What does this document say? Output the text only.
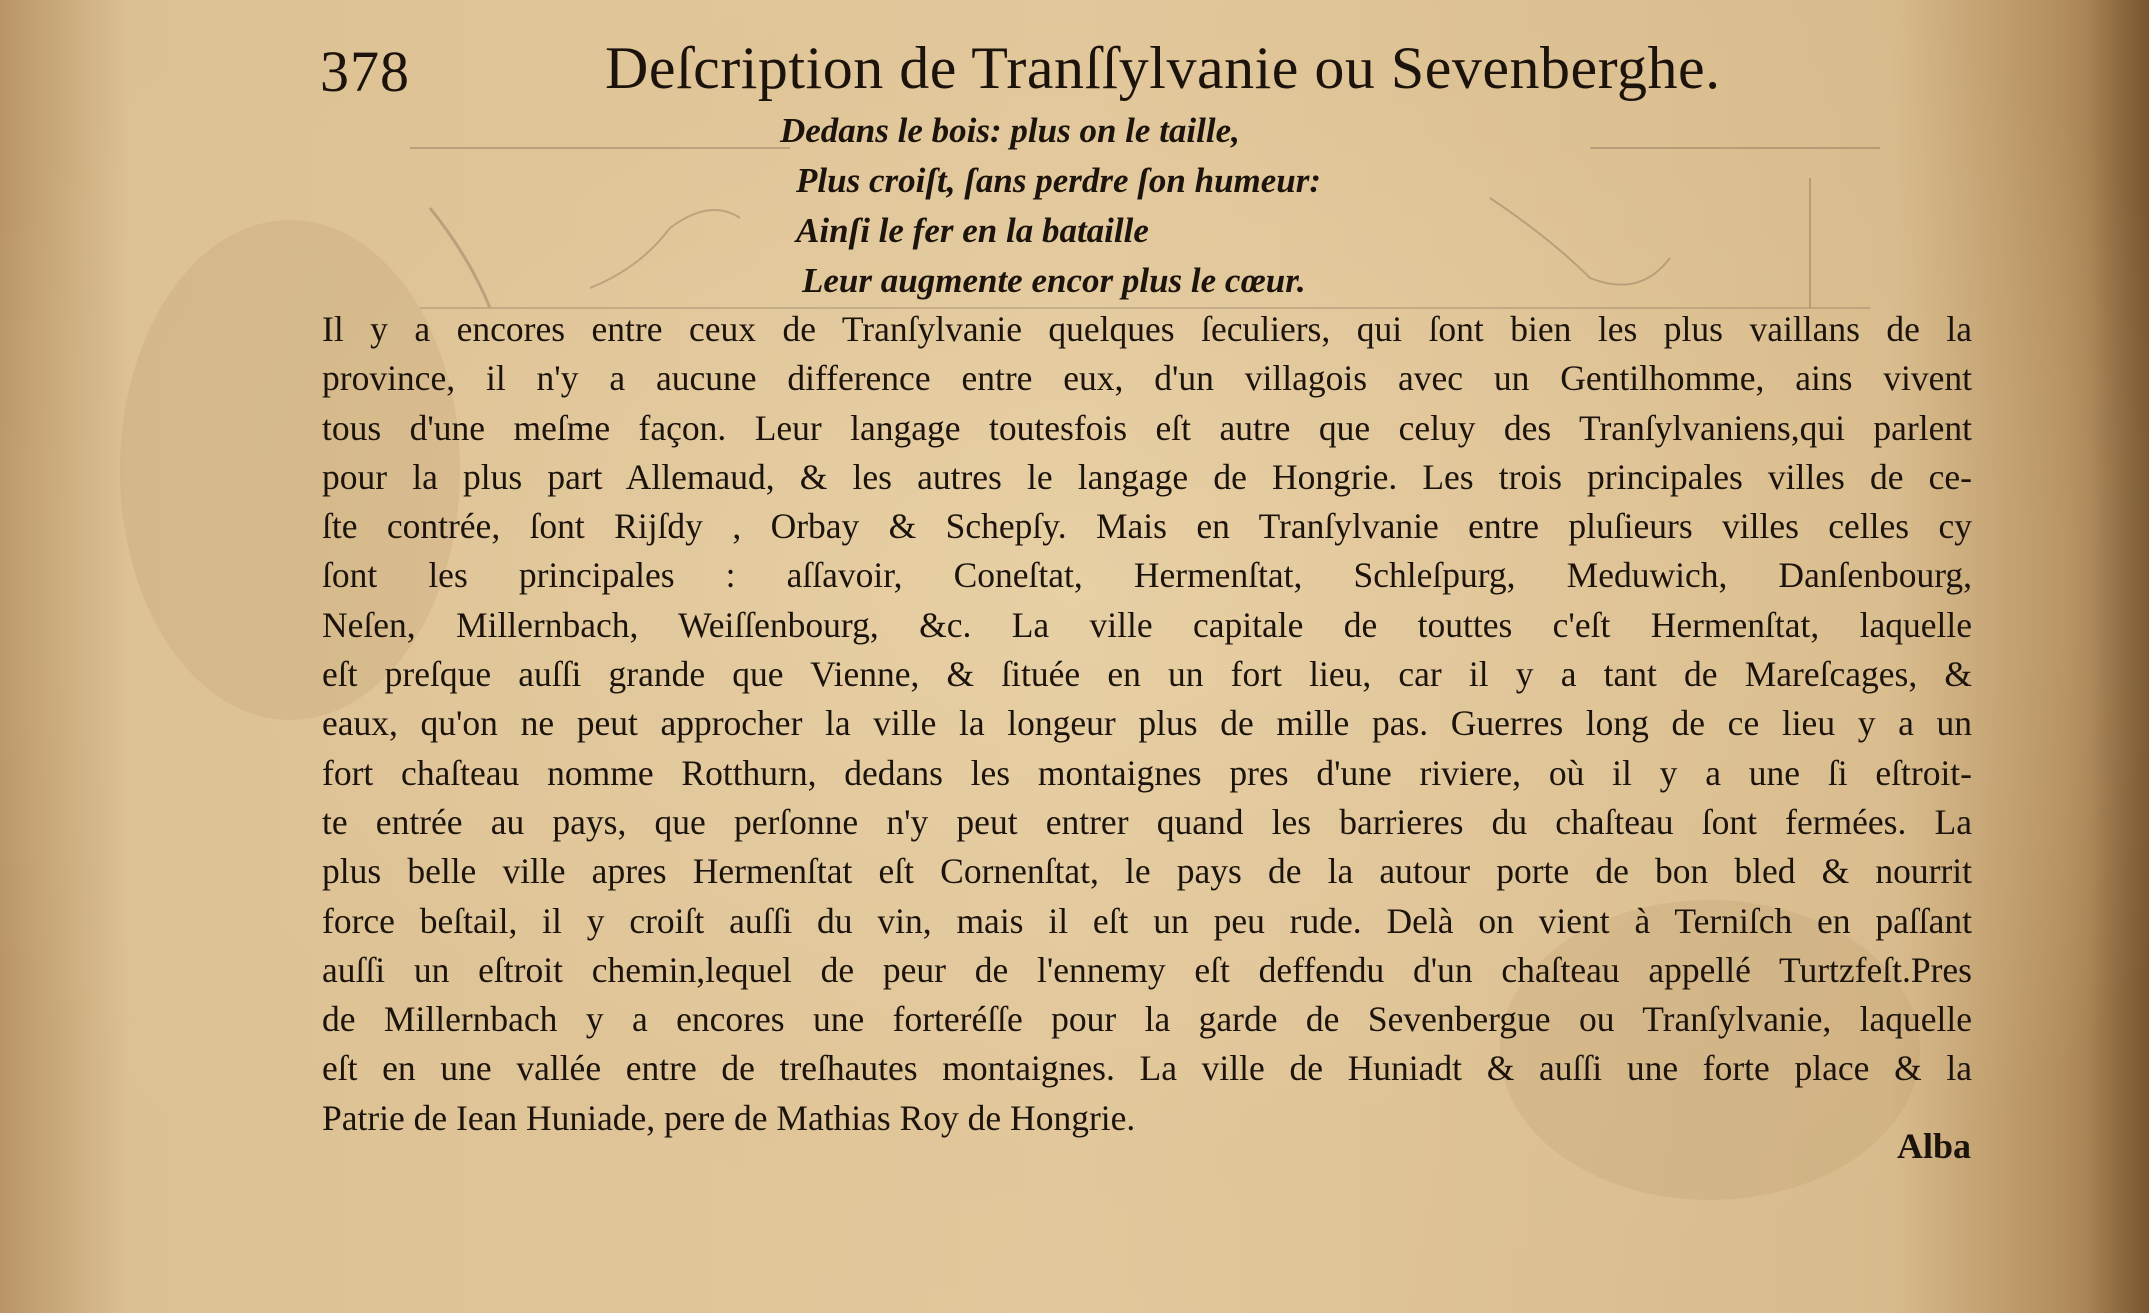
378	Deſcription de Tranſſylvanie ou Sevenberghe.
Dedans le bois: plus on le taille,
Plus croiſt, ſans perdre ſon humeur:
Ainſi le fer en la bataille
Leur augmente encor plus le cœur.
Il y a encores entre ceux de Tranſylvanie quelques ſeculiers, qui ſont bien les plus vaillans de la
province, il n'y a aucune difference entre eux, d'un villagois avec un Gentilhomme, ains vivent
tous d'une meſme façon. Leur langage toutesfois eſt autre que celuy des Tranſylvaniens,qui parlent
pour la plus part Allemaud, & les autres le langage de Hongrie. Les trois principales villes de ce-
ſte contrée, ſont Rijſdy , Orbay & Schepſy. Mais en Tranſylvanie entre pluſieurs villes celles cy
ſont les principales : aſſavoir, Coneſtat, Hermenſtat, Schleſpurg, Meduwich, Danſenbourg,
Neſen, Millernbach, Weiſſenbourg, &c. La ville capitale de touttes c'eſt Hermenſtat, laquelle
eſt preſque auſſi grande que Vienne, & ſituée en un fort lieu, car il y a tant de Mareſcages, &
eaux, qu'on ne peut approcher la ville la longeur plus de mille pas. Guerres long de ce lieu y a un
fort chaſteau nomme Rotthurn, dedans les montaignes pres d'une riviere, où il y a une ſi eſtroit-
te entrée au pays, que perſonne n'y peut entrer quand les barrieres du chaſteau ſont fermées. La
plus belle ville apres Hermenſtat eſt Cornenſtat, le pays de la autour porte de bon bled & nourrit
force beſtail, il y croiſt auſſi du vin, mais il eſt un peu rude. Delà on vient à Terniſch en paſſant
auſſi un eſtroit chemin,lequel de peur de l'ennemy eſt deffendu d'un chaſteau appellé Turtzfeſt.Pres
de Millernbach y a encores une forteréſſe pour la garde de Sevenbergue ou Tranſylvanie, laquelle
eſt en une vallée entre de treſhautes montaignes. La ville de Huniadt & auſſi une forte place & la
Patrie de Iean Huniade, pere de Mathias Roy de Hongrie.
Alba
